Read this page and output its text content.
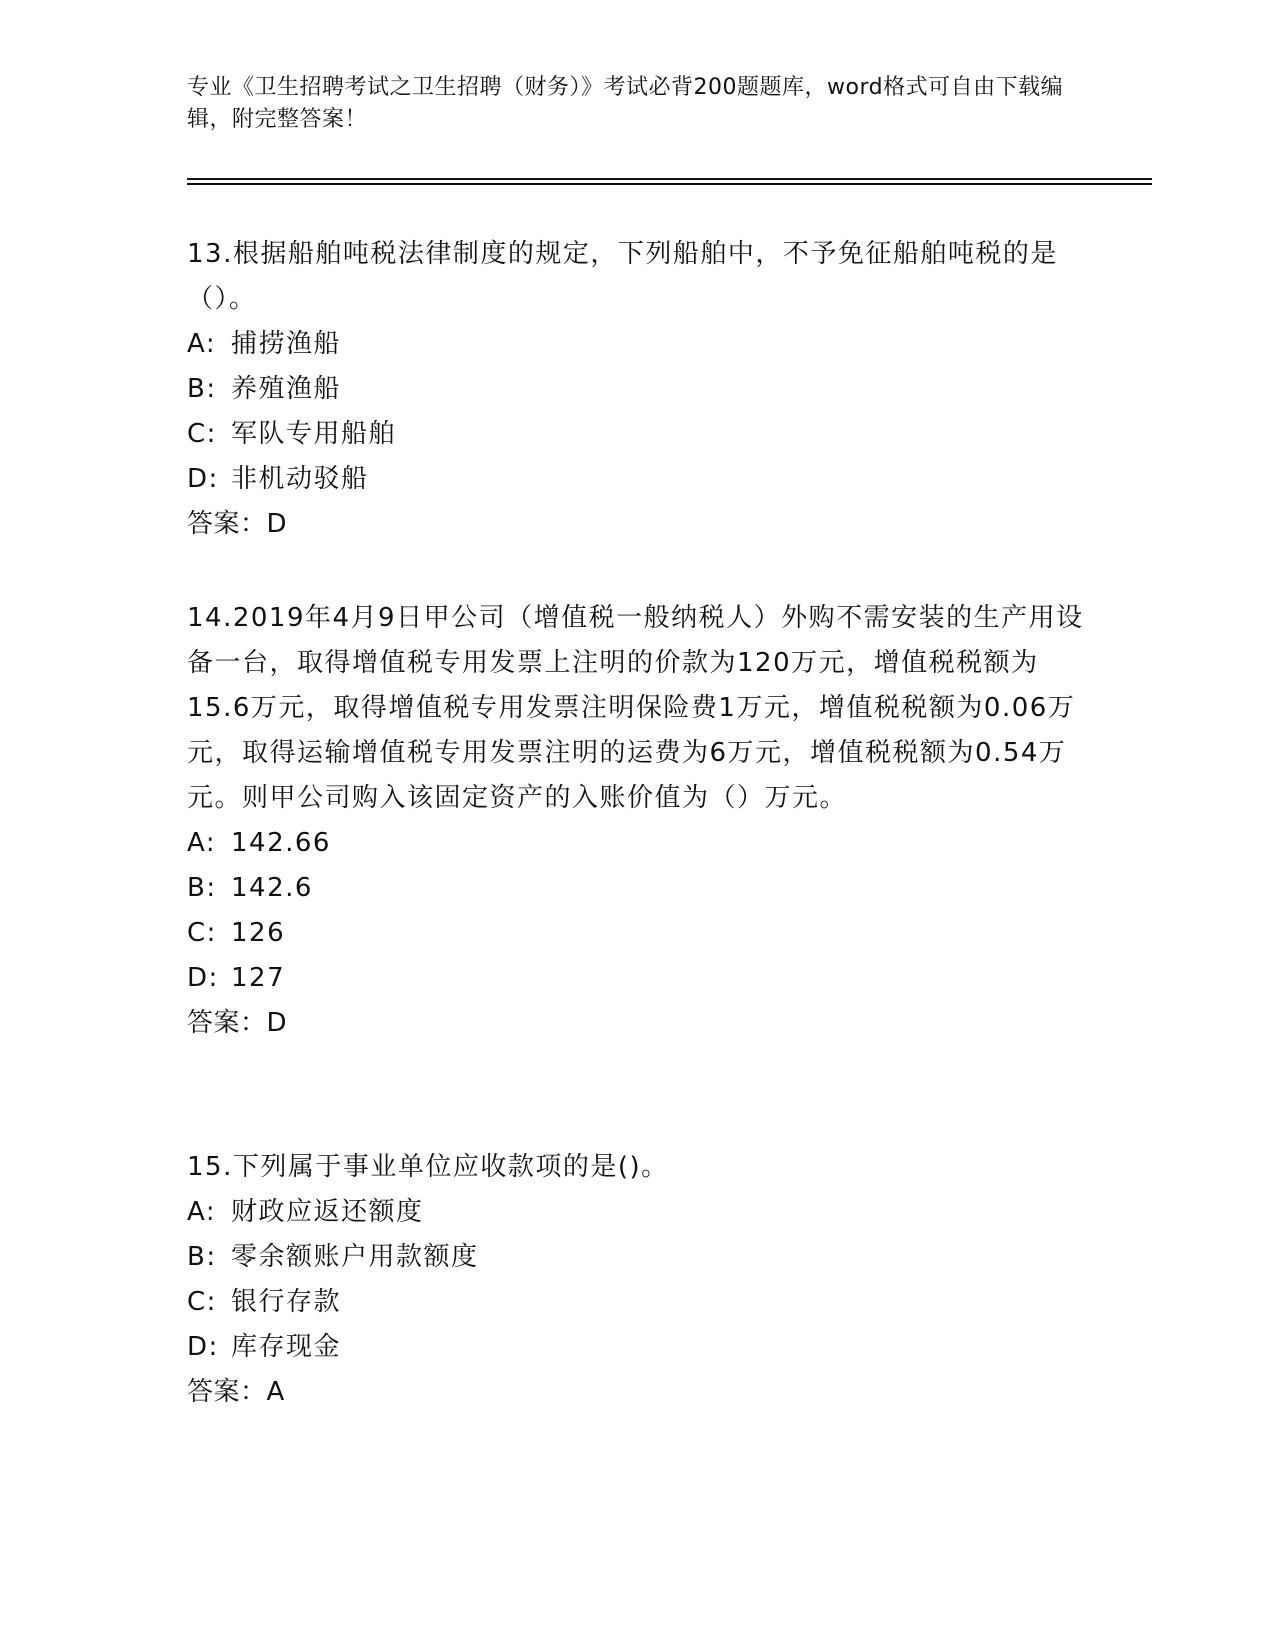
专业《卫生招聘考试之卫生招聘（财务）》考试必背200题题库，word格式可自由下载编辑，附完整答案！

13.根据船舶吨税法律制度的规定，下列船舶中，不予免征船舶吨税的是（）。

A: 捕捞渔船

B: 养殖渔船

C: 军队专用船舶

D: 非机动驳船

答案：D

14.2019年4月9日甲公司（增值税一般纳税人）外购不需安装的生产用设备一台，取得增值税专用发票上注明的价款为120万元，增值税税额为15.6万元，取得增值税专用发票注明保险费1万元，增值税税额为0.06万元，取得运输增值税专用发票注明的运费为6万元，增值税税额为0.54万元。则甲公司购入该固定资产的入账价值为（）万元。

A: 142.66

B: 142.6

C: 126

D: 127

答案：D

15.下列属于事业单位应收款项的是()。

A: 财政应返还额度

B: 零余额账户用款额度

C: 银行存款

D: 库存现金

答案：A
